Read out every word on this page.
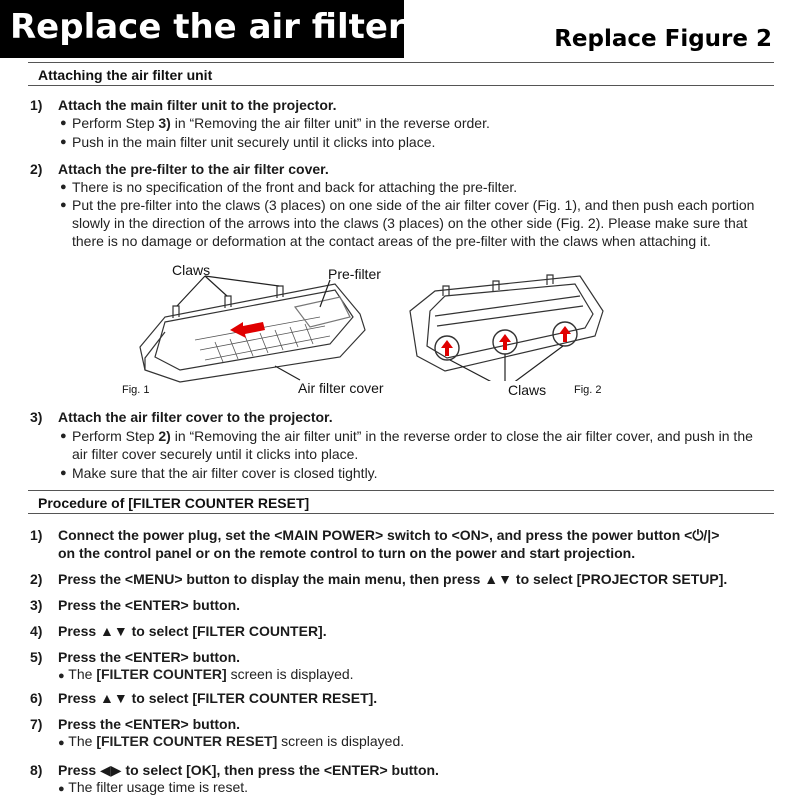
Replace the air filter	Replace Figure 2
Attaching the air filter unit
1) Attach the main filter unit to the projector.
● Perform Step 3) in “Removing the air filter unit” in the reverse order.
● Push in the main filter unit securely until it clicks into place.
2) Attach the pre-filter to the air filter cover.
● There is no specification of the front and back for attaching the pre-filter.
● Put the pre-filter into the claws (3 places) on one side of the air filter cover (Fig. 1), and then push each portion slowly in the direction of the arrows into the claws (3 places) on the other side (Fig. 2). Please make sure that there is no damage or deformation at the contact areas of the pre-filter with the claws when attaching it.
Claws	Pre-filter
Air filter cover
Fig. 1	Claws	Fig. 2
3) Attach the air filter cover to the projector.
● Perform Step 2) in “Removing the air filter unit” in the reverse order to close the air filter cover, and push in the air filter cover securely until it clicks into place.
● Make sure that the air filter cover is closed tightly.
Procedure of [FILTER COUNTER RESET]
1) Connect the power plug, set the <MAIN POWER> switch to <ON>, and press the power button <⏻/|>
on the control panel or on the remote control to turn on the power and start projection.
2) Press the <MENU> button to display the main menu, then press ▲▼ to select [PROJECTOR SETUP].
3) Press the <ENTER> button.
4) Press ▲▼ to select [FILTER COUNTER].
5) Press the <ENTER> button.
● The [FILTER COUNTER] screen is displayed.
6) Press ▲▼ to select [FILTER COUNTER RESET].
7) Press the <ENTER> button.
● The [FILTER COUNTER RESET] screen is displayed.
8) Press ◀▶ to select [OK], then press the <ENTER> button.
● The filter usage time is reset.
